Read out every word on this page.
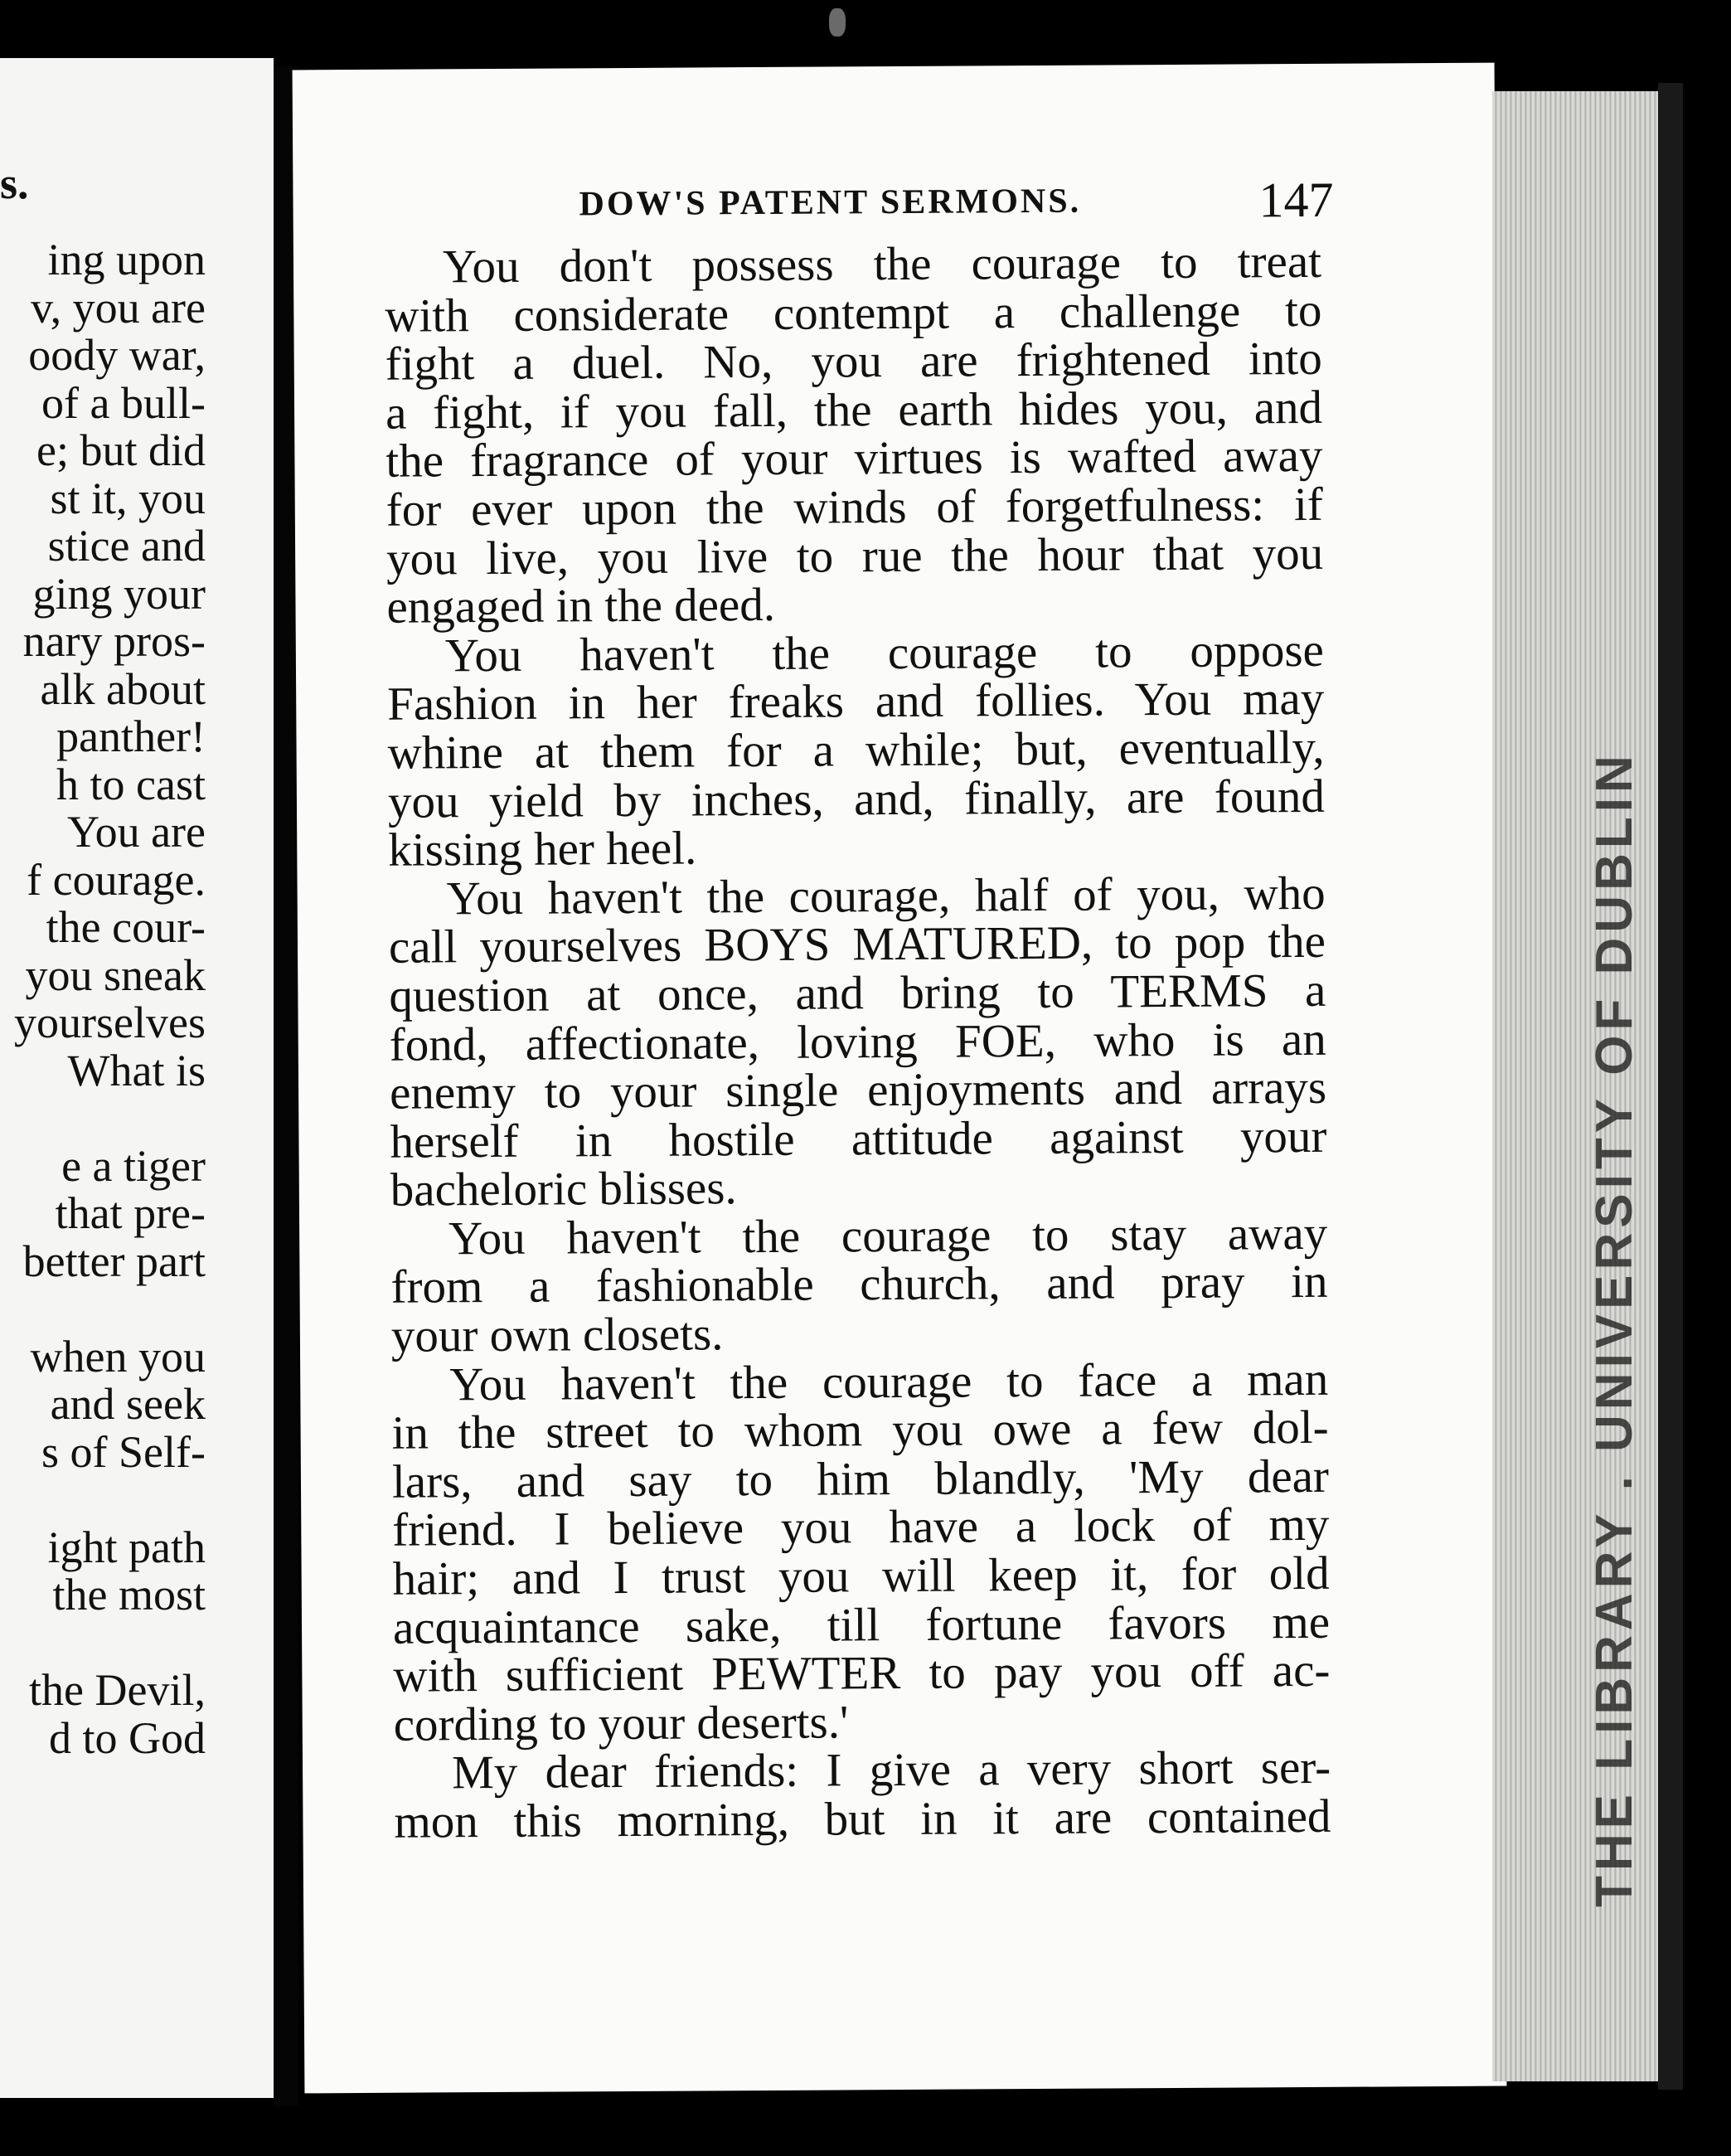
s.
ing upon
v, you are
oody war,
of a bull-
e; but did
st it, you
stice and
ging your
nary pros-
alk about
panther!
h to cast
You are
f courage.
the cour-
you sneak
yourselves
What is
e a tiger
that pre-
better part
when you
and seek
s of Self-
ight path
the most
the Devil,
d to God
DOW'S PATENT SERMONS.	147
You don't possess the courage to treat
with considerate contempt a challenge to
fight a duel. No, you are frightened into
a fight, if you fall, the earth hides you, and
the fragrance of your virtues is wafted away
for ever upon the winds of forgetfulness: if
you live, you live to rue the hour that you
engaged in the deed.
You haven't the courage to oppose
Fashion in her freaks and follies. You may
whine at them for a while; but, eventually,
you yield by inches, and, finally, are found
kissing her heel.
You haven't the courage, half of you, who
call yourselves BOYS MATURED, to pop the
question at once, and bring to TERMS a
fond, affectionate, loving FOE, who is an
enemy to your single enjoyments and arrays
herself in hostile attitude against your
bacheloric blisses.
You haven't the courage to stay away
from a fashionable church, and pray in
your own closets.
You haven't the courage to face a man
in the street to whom you owe a few dol-
lars, and say to him blandly, 'My dear
friend. I believe you have a lock of my
hair; and I trust you will keep it, for old
acquaintance sake, till fortune favors me
with sufficient PEWTER to pay you off ac-
cording to your deserts.'
My dear friends: I give a very short ser-
mon this morning, but in it are contained	THE LIBRARY . UNIVERSITY OF DUBLIN
